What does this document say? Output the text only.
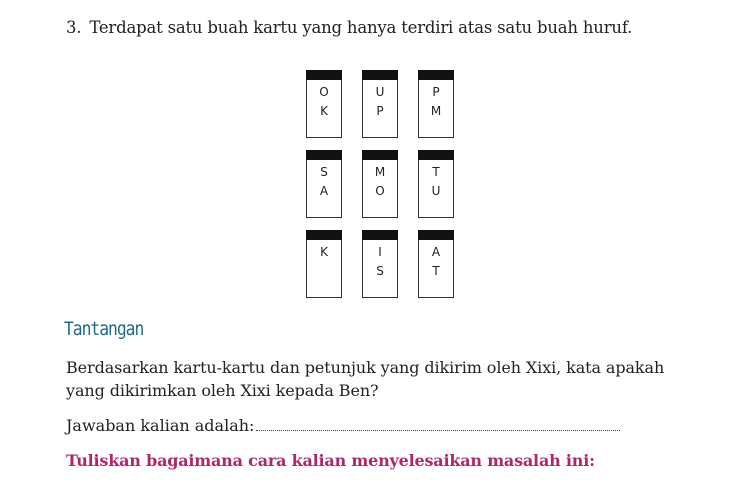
3. Terdapat satu buah kartu yang hanya terdiri atas satu buah huruf.
O
K
U
P
P
M
S
A
M
O
T
U
K	I
S
A
T
Tantangan
Berdasarkan kartu-kartu dan petunjuk yang dikirim oleh Xixi, kata apakah yang dikirimkan oleh Xixi kepada Ben?
Jawaban kalian adalah:
Tuliskan bagaimana cara kalian menyelesaikan masalah ini:
